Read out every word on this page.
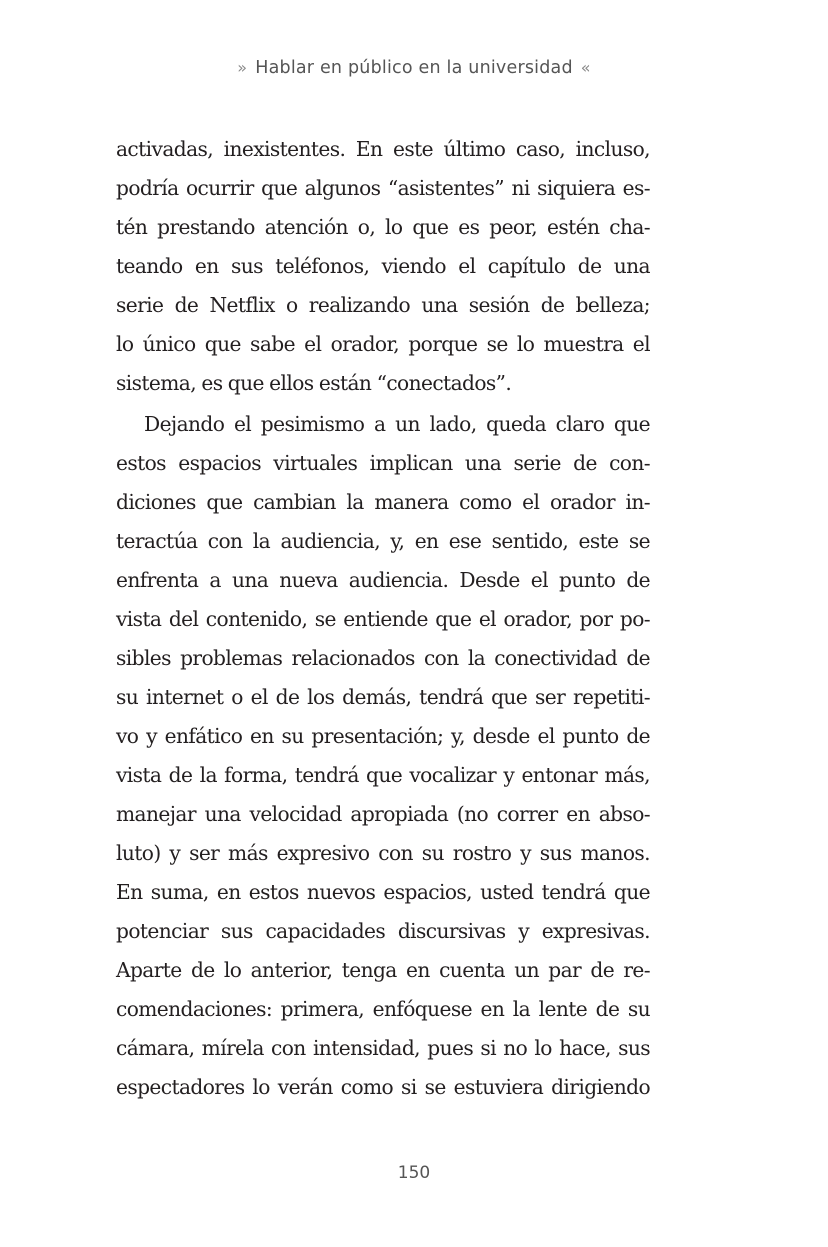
» Hablar en público en la universidad «
activadas, inexistentes. En este último caso, incluso,
podría ocurrir que algunos “asistentes” ni siquiera es-
tén prestando atención o, lo que es peor, estén cha-
teando en sus teléfonos, viendo el capítulo de una
serie de Netflix o realizando una sesión de belleza;
lo único que sabe el orador, porque se lo muestra el
sistema, es que ellos están “conectados”.
Dejando el pesimismo a un lado, queda claro que
estos espacios virtuales implican una serie de con-
diciones que cambian la manera como el orador in-
teractúa con la audiencia, y, en ese sentido, este se
enfrenta a una nueva audiencia. Desde el punto de
vista del contenido, se entiende que el orador, por po-
sibles problemas relacionados con la conectividad de
su internet o el de los demás, tendrá que ser repetiti-
vo y enfático en su presentación; y, desde el punto de
vista de la forma, tendrá que vocalizar y entonar más,
manejar una velocidad apropiada (no correr en abso-
luto) y ser más expresivo con su rostro y sus manos.
En suma, en estos nuevos espacios, usted tendrá que
potenciar sus capacidades discursivas y expresivas.
Aparte de lo anterior, tenga en cuenta un par de re-
comendaciones: primera, enfóquese en la lente de su
cámara, mírela con intensidad, pues si no lo hace, sus
espectadores lo verán como si se estuviera dirigiendo
150
